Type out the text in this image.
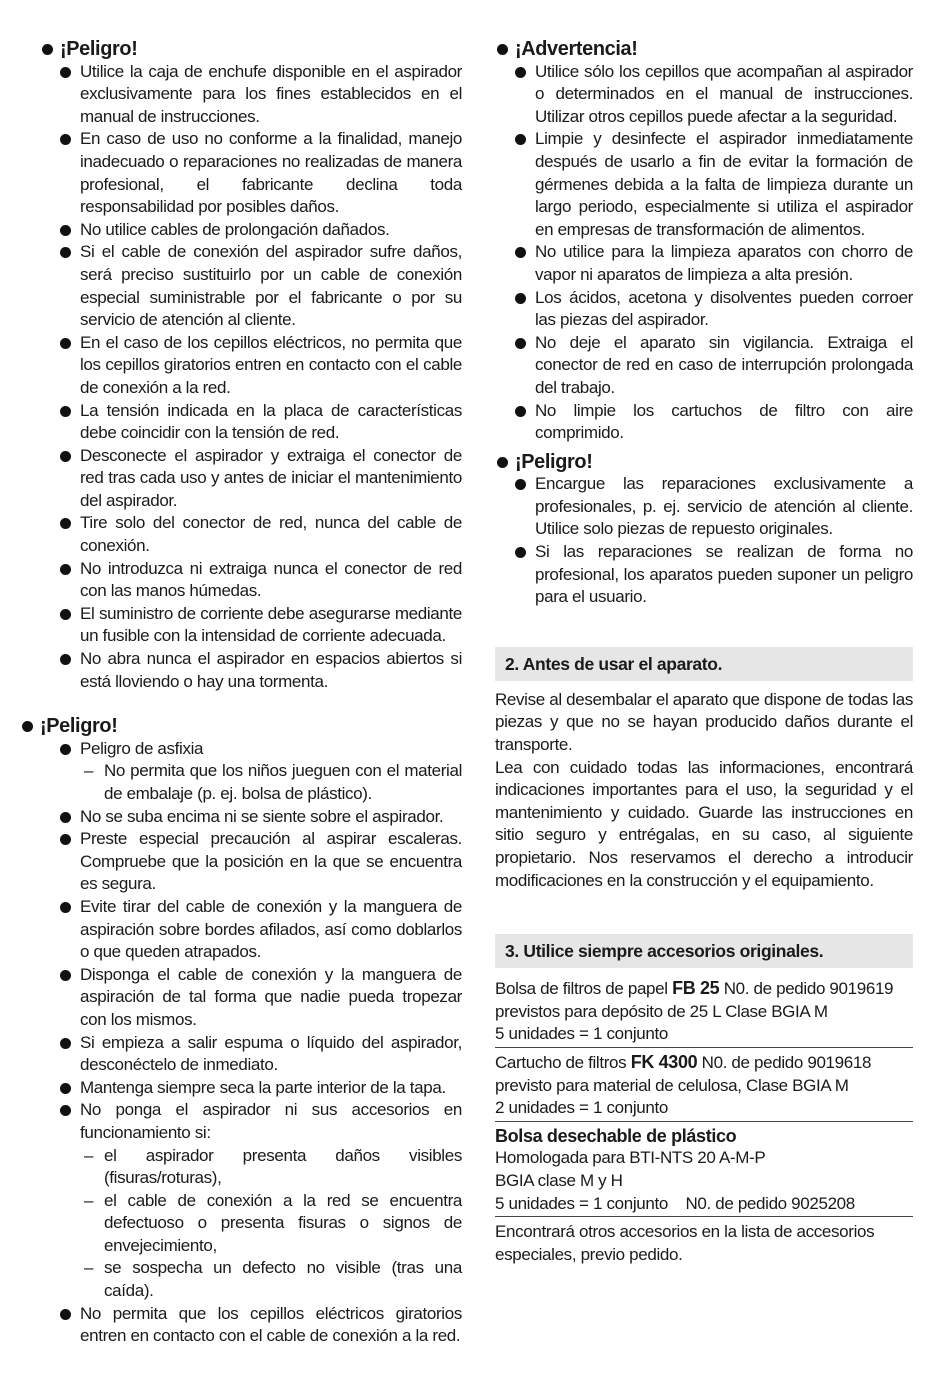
¡Peligro!
Utilice la caja de enchufe disponible en el aspirador exclusivamente para los fines establecidos en el manual de instrucciones.
En caso de uso no conforme a la finalidad, manejo inadecuado o reparaciones no realizadas de manera profesional, el fabricante declina toda responsabilidad por posibles daños.
No utilice cables de prolongación dañados.
Si el cable de conexión del aspirador sufre daños, será preciso sustituirlo por un cable de conexión especial suministrable por el fabricante o por su servicio de atención al cliente.
En el caso de los cepillos eléctricos, no permita que los cepillos giratorios entren en contacto con el cable de conexión a la red.
La tensión indicada en la placa de características debe coincidir con la tensión de red.
Desconecte el aspirador y extraiga el conector de red tras cada uso y antes de iniciar el mantenimiento del aspirador.
Tire solo del conector de red, nunca del cable de conexión.
No introduzca ni extraiga nunca el conector de red con las manos húmedas.
El suministro de corriente debe asegurarse mediante un fusible con la intensidad de corriente adecuada.
No abra nunca el aspirador en espacios abiertos si está lloviendo o hay una tormenta.
¡Peligro!
Peligro de asfixia
– No permita que los niños jueguen con el material de embalaje (p. ej. bolsa de plástico).
No se suba encima ni se siente sobre el aspirador.
Preste especial precaución al aspirar escaleras. Compruebe que la posición en la que se encuentra es segura.
Evite tirar del cable de conexión y la manguera de aspiración sobre bordes afilados, así como doblarlos o que queden atrapados.
Disponga el cable de conexión y la manguera de aspiración de tal forma que nadie pueda tropezar con los mismos.
Si empieza a salir espuma o líquido del aspirador, desconéctelo de inmediato.
Mantenga siempre seca la parte interior de la tapa.
No ponga el aspirador ni sus accesorios en funcionamiento si:
– el aspirador presenta daños visibles (fisuras/roturas),
– el cable de conexión a la red se encuentra defectuoso o presenta fisuras o signos de envejecimiento,
– se sospecha un defecto no visible (tras una caída).
No permita que los cepillos eléctricos giratorios entren en contacto con el cable de conexión a la red.
¡Advertencia!
Utilice sólo los cepillos que acompañan al aspirador o determinados en el manual de instrucciones. Utilizar otros cepillos puede afectar a la seguridad.
Limpie y desinfecte el aspirador inmediatamente después de usarlo a fin de evitar la formación de gérmenes debida a la falta de limpieza durante un largo periodo, especialmente si utiliza el aspirador en empresas de transformación de alimentos.
No utilice para la limpieza aparatos con chorro de vapor ni aparatos de limpieza a alta presión.
Los ácidos, acetona y disolventes pueden corroer las piezas del aspirador.
No deje el aparato sin vigilancia. Extraiga el conector de red en caso de interrupción prolongada del trabajo.
No limpie los cartuchos de filtro con aire comprimido.
¡Peligro!
Encargue las reparaciones exclusivamente a profesionales, p. ej. servicio de atención al cliente. Utilice solo piezas de repuesto originales.
Si las reparaciones se realizan de forma no profesional, los aparatos pueden suponer un peligro para el usuario.
2. Antes de usar el aparato.

Revise al desembalar el aparato que dispone de todas las piezas y que no se hayan producido daños durante el transporte.

Lea con cuidado todas las informaciones, encontrará indicaciones importantes para el uso, la seguridad y el mantenimiento y cuidado. Guarde las instrucciones en sitio seguro y entrégalas, en su caso, al siguiente propietario. Nos reservamos el derecho a introducir modificaciones en la construcción y el equipamiento.

3. Utilice siempre accesorios originales.
Bolsa de filtros de papel FB 25 N0. de pedido 9019619
previstos para depósito de 25 L Clase BGIA M
5 unidades = 1 conjunto
Cartucho de filtros FK 4300 N0. de pedido 9019618
previsto para material de celulosa, Clase BGIA M
2 unidades = 1 conjunto
Bolsa desechable de plástico
Homologada para BTI-NTS 20 A-M-P
BGIA clase M y H
5 unidades = 1 conjunto N0. de pedido 9025208

Encontrará otros accesorios en la lista de accesorios especiales, previo pedido.
